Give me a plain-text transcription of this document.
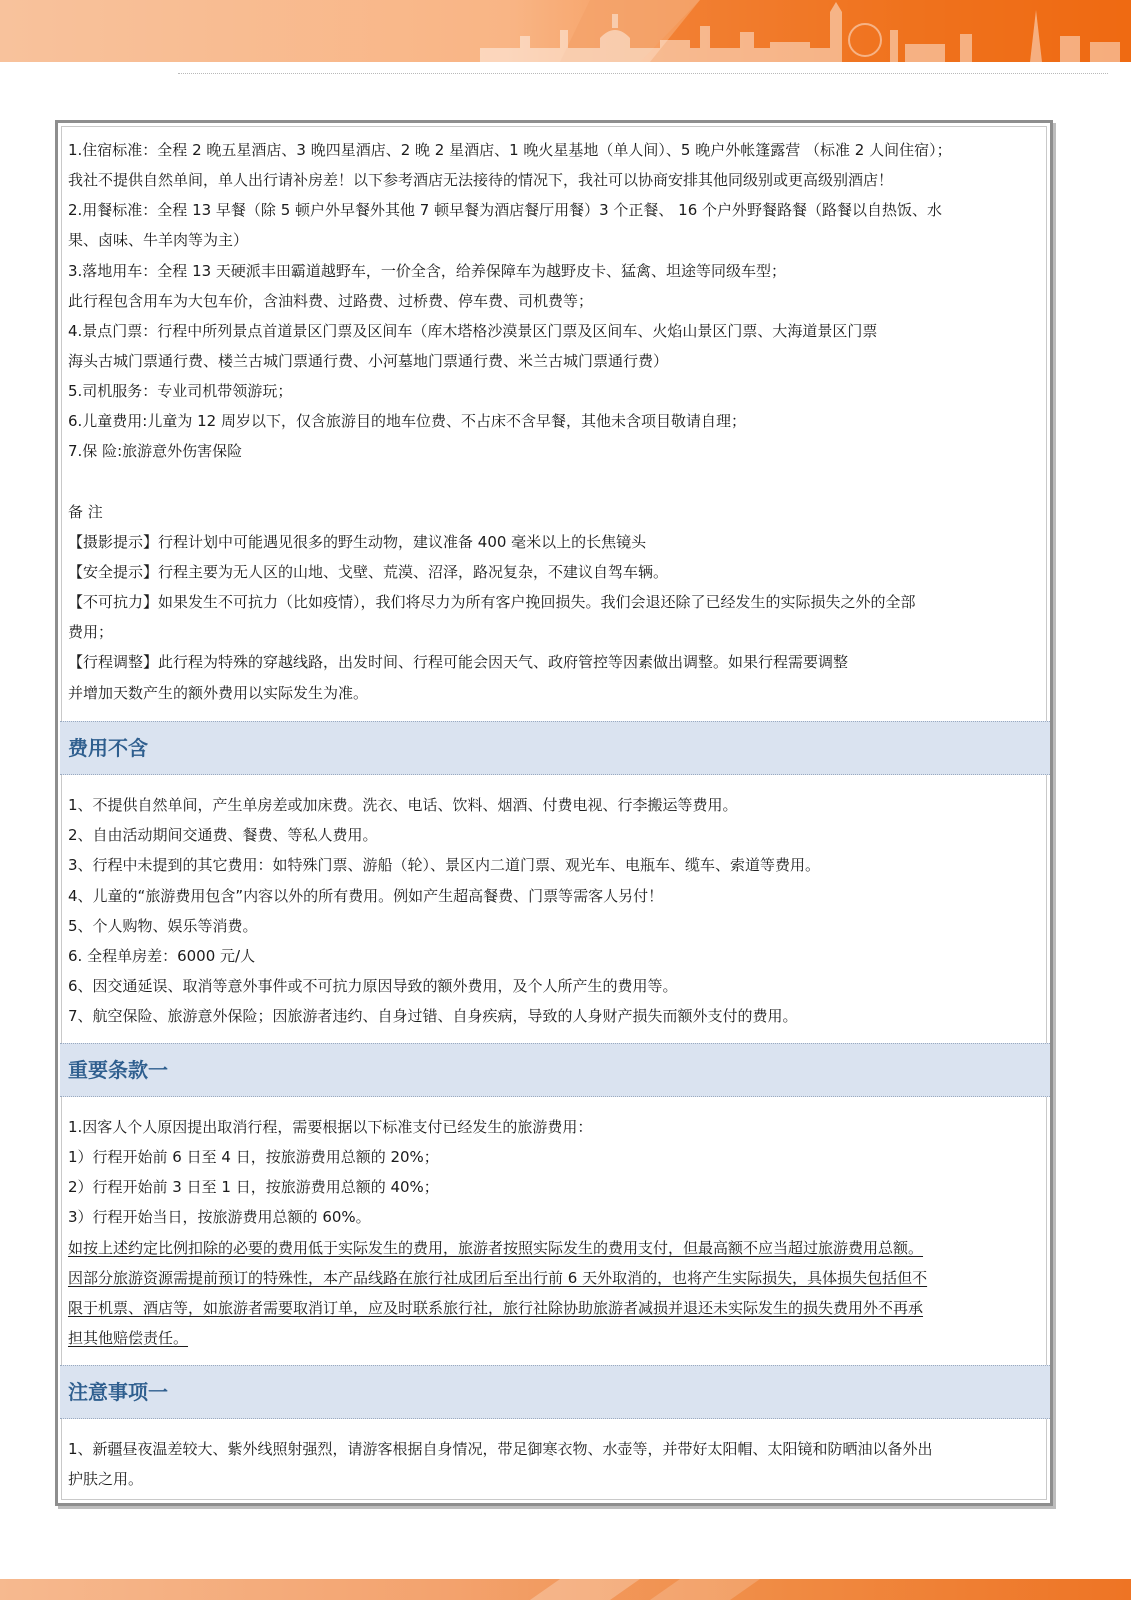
1.住宿标准：全程 2 晚五星酒店、3 晚四星酒店、2 晚 2 星酒店、1 晚火星基地（单人间）、5 晚户外帐篷露营 （标准 2 人间住宿）；
我社不提供自然单间，单人出行请补房差！以下参考酒店无法接待的情况下，我社可以协商安排其他同级别或更高级别酒店！
2.用餐标准：全程 13 早餐（除 5 顿户外早餐外其他 7 顿早餐为酒店餐厅用餐）3 个正餐、 16 个户外野餐路餐（路餐以自热饭、水
果、卤味、牛羊肉等为主）
3.落地用车：全程 13 天硬派丰田霸道越野车，一价全含，给养保障车为越野皮卡、猛禽、坦途等同级车型；
此行程包含用车为大包车价，含油料费、过路费、过桥费、停车费、司机费等；
4.景点门票：行程中所列景点首道景区门票及区间车（库木塔格沙漠景区门票及区间车、火焰山景区门票、大海道景区门票
海头古城门票通行费、楼兰古城门票通行费、小河墓地门票通行费、米兰古城门票通行费）
5.司机服务：专业司机带领游玩；
6.儿童费用:儿童为 12 周岁以下，仅含旅游目的地车位费、不占床不含早餐，其他未含项目敬请自理；
7.保 险:旅游意外伤害保险
备 注
【摄影提示】行程计划中可能遇见很多的野生动物，建议准备 400 毫米以上的长焦镜头
【安全提示】行程主要为无人区的山地、戈壁、荒漠、沼泽，路况复杂，不建议自驾车辆。
【不可抗力】如果发生不可抗力（比如疫情），我们将尽力为所有客户挽回损失。我们会退还除了已经发生的实际损失之外的全部
费用；
【行程调整】此行程为特殊的穿越线路，出发时间、行程可能会因天气、政府管控等因素做出调整。如果行程需要调整
并增加天数产生的额外费用以实际发生为准。
费用不含
1、不提供自然单间，产生单房差或加床费。洗衣、电话、饮料、烟酒、付费电视、行李搬运等费用。
2、自由活动期间交通费、餐费、等私人费用。
3、行程中未提到的其它费用：如特殊门票、游船（轮）、景区内二道门票、观光车、电瓶车、缆车、索道等费用。
4、儿童的“旅游费用包含”内容以外的所有费用。例如产生超高餐费、门票等需客人另付！
5、个人购物、娱乐等消费。
6. 全程单房差：6000 元/人
6、因交通延误、取消等意外事件或不可抗力原因导致的额外费用，及个人所产生的费用等。
7、航空保险、旅游意外保险；因旅游者违约、自身过错、自身疾病，导致的人身财产损失而额外支付的费用。
重要条款一
1.因客人个人原因提出取消行程，需要根据以下标准支付已经发生的旅游费用：
1）行程开始前 6 日至 4 日，按旅游费用总额的 20%；
2）行程开始前 3 日至 1 日，按旅游费用总额的 40%；
3）行程开始当日，按旅游费用总额的 60%。
如按上述约定比例扣除的必要的费用低于实际发生的费用，旅游者按照实际发生的费用支付，但最高额不应当超过旅游费用总额。
因部分旅游资源需提前预订的特殊性，本产品线路在旅行社成团后至出行前 6 天外取消的，也将产生实际损失，具体损失包括但不
限于机票、酒店等，如旅游者需要取消订单，应及时联系旅行社，旅行社除协助旅游者减损并退还未实际发生的损失费用外不再承
担其他赔偿责任。
注意事项一
1、新疆昼夜温差较大、紫外线照射强烈，请游客根据自身情况，带足御寒衣物、水壶等，并带好太阳帽、太阳镜和防晒油以备外出
护肤之用。
